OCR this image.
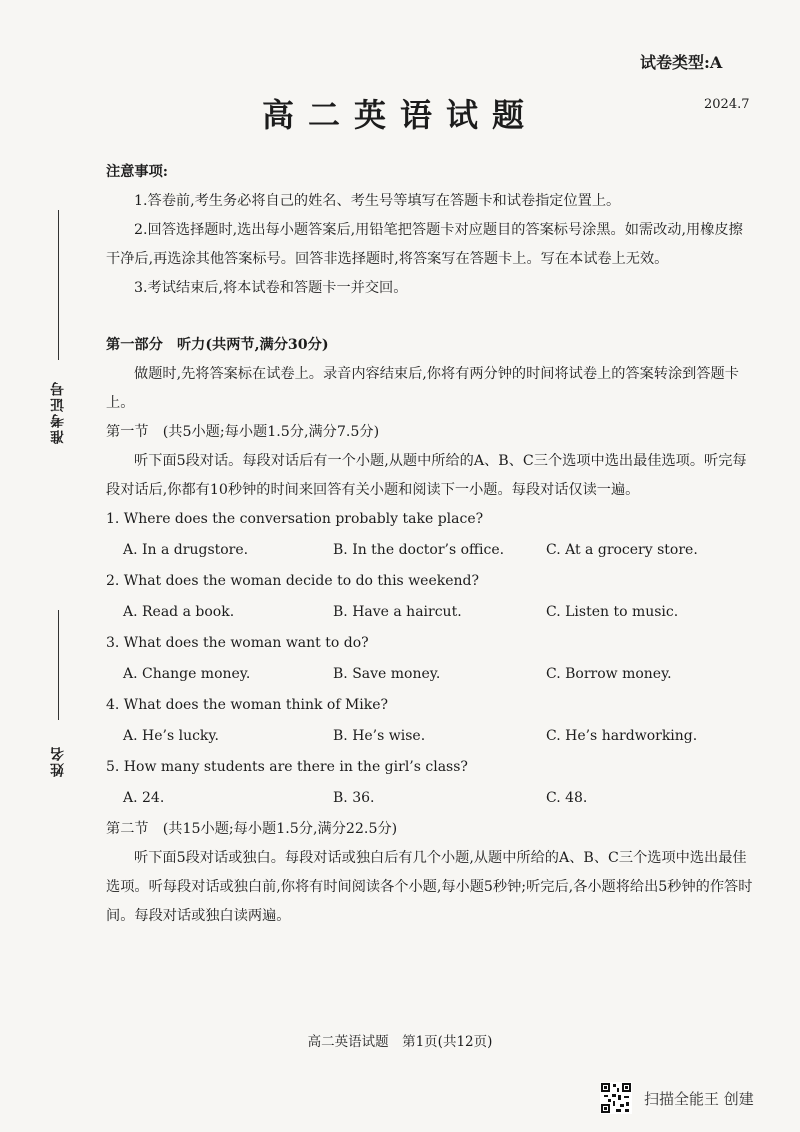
试卷类型:A
高二英语试题	2024.7
准考证号
姓名

注意事项:

1.答卷前,考生务必将自己的姓名、考生号等填写在答题卡和试卷指定位置上。

2.回答选择题时,选出每小题答案后,用铅笔把答题卡对应题目的答案标号涂黑。如需改动,用橡皮擦干净后,再选涂其他答案标号。回答非选择题时,将答案写在答题卡上。写在本试卷上无效。

3.考试结束后,将本试卷和答题卡一并交回。

第一部分　听力(共两节,满分30分)

做题时,先将答案标在试卷上。录音内容结束后,你将有两分钟的时间将试卷上的答案转涂到答题卡上。

第一节　(共5小题;每小题1.5分,满分7.5分)

听下面5段对话。每段对话后有一个小题,从题中所给的A、B、C三个选项中选出最佳选项。听完每段对话后,你都有10秒钟的时间来回答有关小题和阅读下一小题。每段对话仅读一遍。

1. Where does the conversation probably take place?

A. In a drugstore.	B. In the doctor’s office.	C. At a grocery store.

2. What does the woman decide to do this weekend?

A. Read a book.	B. Have a haircut.	C. Listen to music.

3. What does the woman want to do?

A. Change money.	B. Save money.	C. Borrow money.

4. What does the woman think of Mike?

A. He’s lucky.	B. He’s wise.	C. He’s hardworking.

5. How many students are there in the girl’s class?

A. 24.	B. 36.	C. 48.

第二节　(共15小题;每小题1.5分,满分22.5分)

听下面5段对话或独白。每段对话或独白后有几个小题,从题中所给的A、B、C三个选项中选出最佳选项。听每段对话或独白前,你将有时间阅读各个小题,每小题5秒钟;听完后,各小题将给出5秒钟的作答时间。每段对话或独白读两遍。

高二英语试题　第1页(共12页)
扫描全能王 创建
